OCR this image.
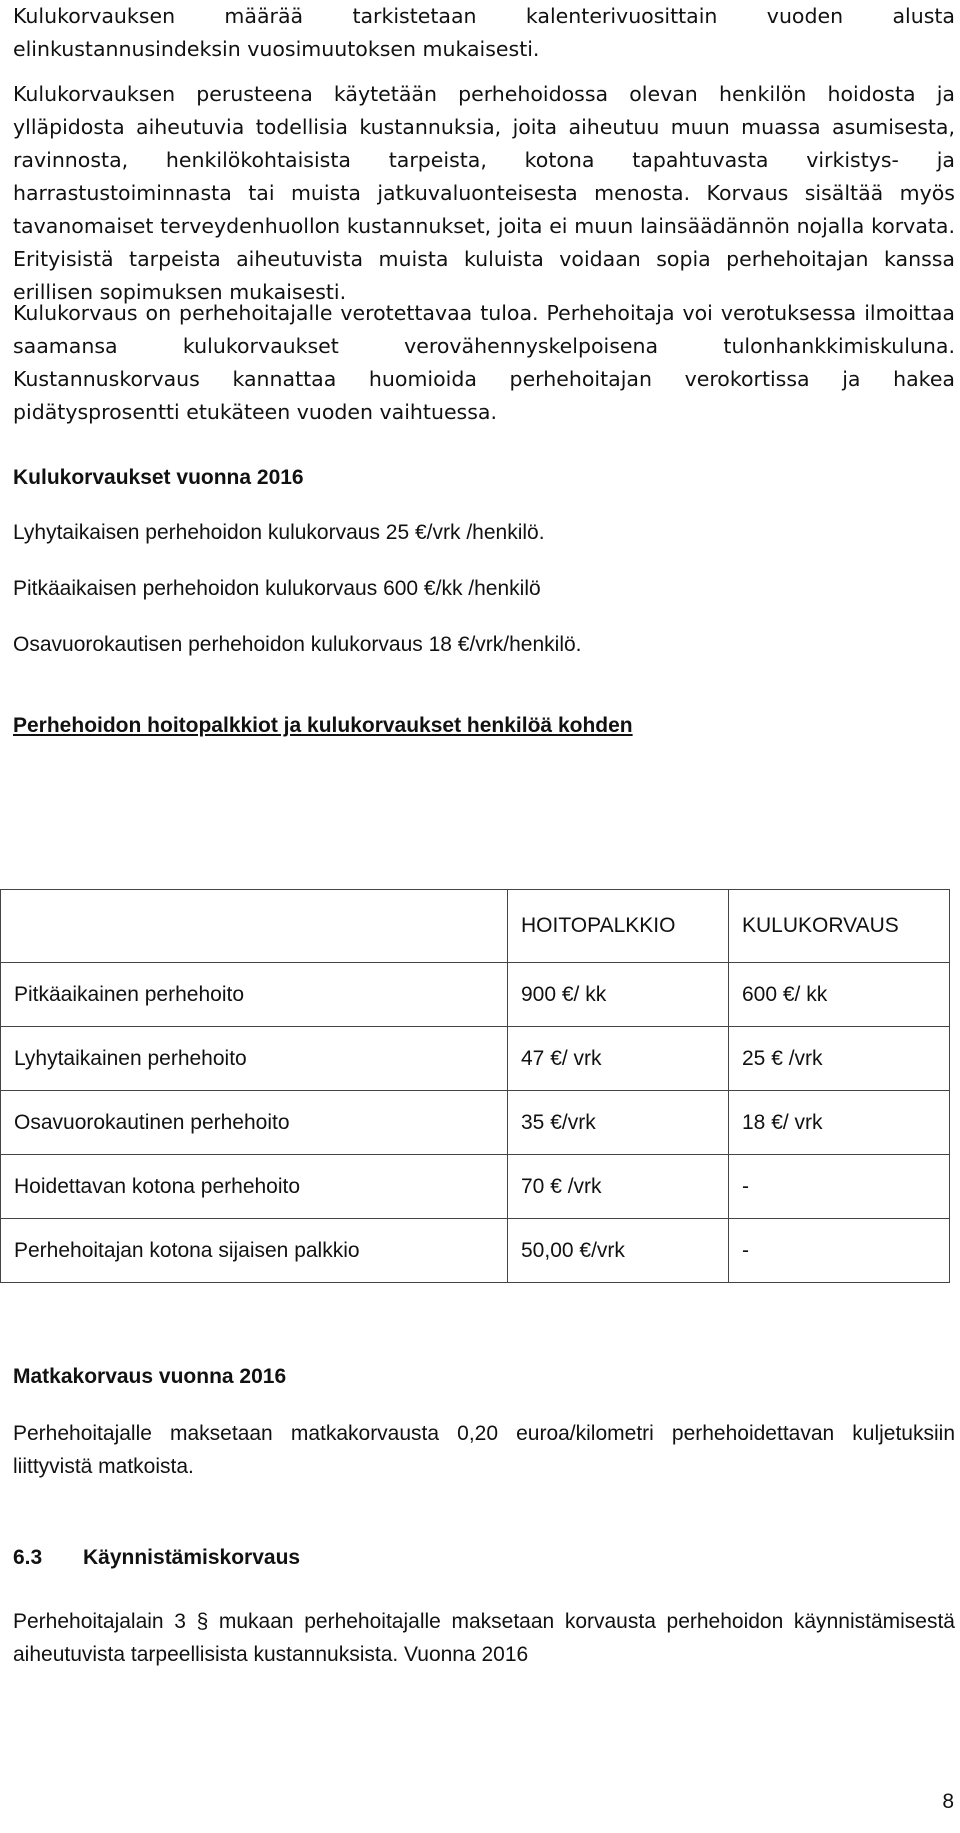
Kulukorvauksen määrää tarkistetaan kalenterivuosittain vuoden alusta elinkustannusindeksin vuosimuutoksen mukaisesti.

Kulukorvauksen perusteena käytetään perhehoidossa olevan henkilön hoidosta ja ylläpidosta aiheutuvia todellisia kustannuksia, joita aiheutuu muun muassa asumisesta, ravinnosta, henkilökohtaisista tarpeista, kotona tapahtuvasta virkistys- ja harrastustoiminnasta tai muista jatkuvaluonteisesta menosta. Korvaus sisältää myös tavanomaiset terveydenhuollon kustannukset, joita ei muun lainsäädännön nojalla korvata. Erityisistä tarpeista aiheutuvista muista kuluista voidaan sopia perhehoitajan kanssa erillisen sopimuksen mukaisesti.

Kulukorvaus on perhehoitajalle verotettavaa tuloa. Perhehoitaja voi verotuksessa ilmoittaa saamansa kulukorvaukset verovähennyskelpoisena tulonhankkimiskuluna. Kustannuskorvaus kannattaa huomioida perhehoitajan verokortissa ja hakea pidätysprosentti etukäteen vuoden vaihtuessa.

Kulukorvaukset vuonna 2016

Lyhytaikaisen perhehoidon kulukorvaus 25 €/vrk /henkilö.

Pitkäaikaisen perhehoidon kulukorvaus 600 €/kk /henkilö

Osavuorokautisen perhehoidon kulukorvaus 18 €/vrk/henkilö.

Perhehoidon hoitopalkkiot ja kulukorvaukset henkilöä kohden
	HOITOPALKKIO	KULUKORVAUS
Pitkäaikainen perhehoito	900 €/ kk	600 €/ kk
Lyhytaikainen perhehoito	47 €/ vrk	25 € /vrk
Osavuorokautinen perhehoito	35 €/vrk	18 €/ vrk
Hoidettavan kotona perhehoito	70 € /vrk	-
Perhehoitajan kotona sijaisen palkkio	50,00 €/vrk	-
Matkakorvaus vuonna 2016

Perhehoitajalle maksetaan matkakorvausta 0,20 euroa/kilometri perhehoidettavan kuljetuksiin liittyvistä matkoista.

6.3 Käynnistämiskorvaus

Perhehoitajalain 3 § mukaan perhehoitajalle maksetaan korvausta perhehoidon käynnistämisestä aiheutuvista tarpeellisista kustannuksista. Vuonna 2016

8
